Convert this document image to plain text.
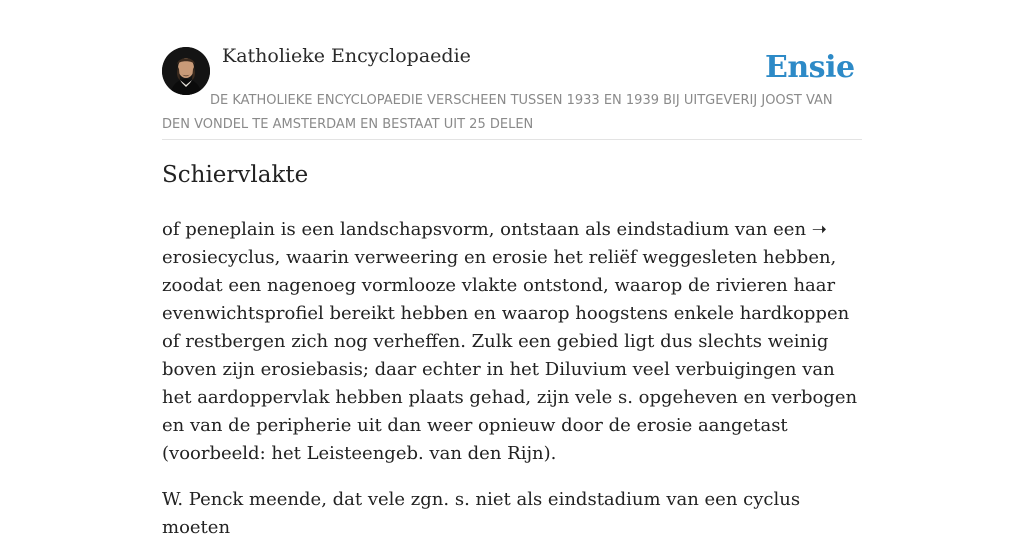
Katholieke Encyclopaedie	Ensie
DE KATHOLIEKE ENCYCLOPAEDIE VERSCHEEN TUSSEN 1933 EN 1939 BIJ UITGEVERIJ JOOST VAN DEN VONDEL TE AMSTERDAM EN BESTAAT UIT 25 DELEN
Schiervlakte

of peneplain is een landschapsvorm, ontstaan als eindstadium van een ➝ erosiecyclus, waarin verweering en erosie het reliëf weggesleten hebben, zoodat een nagenoeg vormlooze vlakte ontstond, waarop de rivieren haar evenwichtsprofiel bereikt hebben en waarop hoogstens enkele hardkoppen of restbergen zich nog verheffen. Zulk een gebied ligt dus slechts weinig boven zijn erosiebasis; daar echter in het Diluvium veel verbuigingen van het aardoppervlak hebben plaats gehad, zijn vele s. opgeheven en verbogen en van de peripherie uit dan weer opnieuw door de erosie aangetast (voorbeeld: het Leisteengeb. van den Rijn).

W. Penck meende, dat vele zgn. s. niet als eindstadium van een cyclus moeten
